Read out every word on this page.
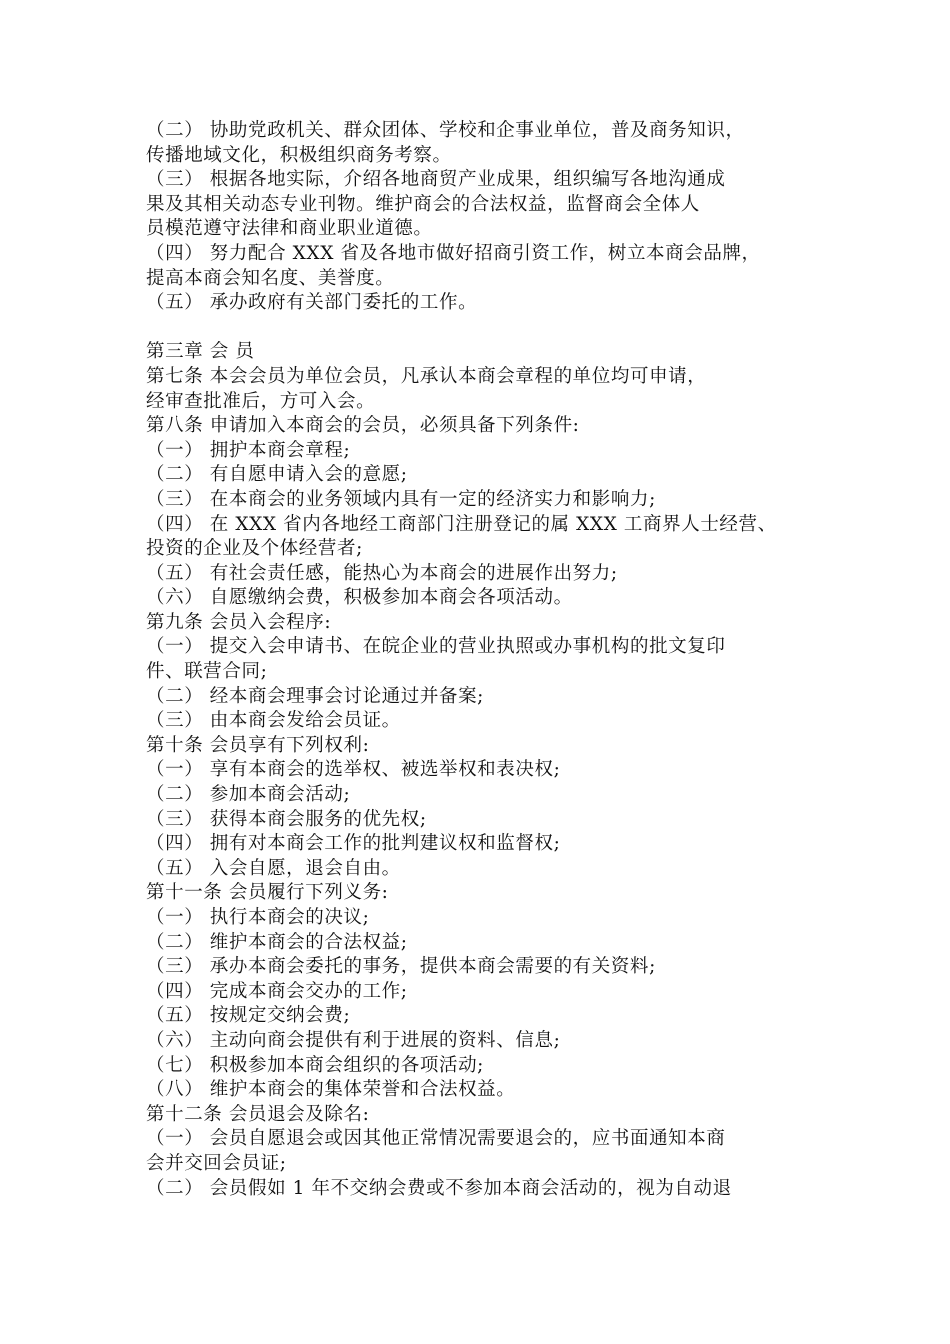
（二） 协助党政机关、群众团体、学校和企事业单位，普及商务知识，
传播地域文化，积极组织商务考察。
（三） 根据各地实际，介绍各地商贸产业成果，组织编写各地沟通成
果及其相关动态专业刊物。维护商会的合法权益，监督商会全体人
员模范遵守法律和商业职业道德。
（四） 努力配合 XXX 省及各地市做好招商引资工作，树立本商会品牌，
提高本商会知名度、美誉度。
（五） 承办政府有关部门委托的工作。
第三章 会 员
第七条 本会会员为单位会员，凡承认本商会章程的单位均可申请，
经审查批准后，方可入会。
第八条 申请加入本商会的会员，必须具备下列条件:
（一） 拥护本商会章程;
（二） 有自愿申请入会的意愿;
（三） 在本商会的业务领域内具有一定的经济实力和影响力;
（四） 在 XXX 省内各地经工商部门注册登记的属 XXX 工商界人士经营、
投资的企业及个体经营者;
（五） 有社会责任感，能热心为本商会的进展作出努力;
（六） 自愿缴纳会费，积极参加本商会各项活动。
第九条 会员入会程序:
（一） 提交入会申请书、在皖企业的营业执照或办事机构的批文复印
件、联营合同;
（二） 经本商会理事会讨论通过并备案;
（三） 由本商会发给会员证。
第十条 会员享有下列权利:
（一） 享有本商会的选举权、被选举权和表决权;
（二） 参加本商会活动;
（三） 获得本商会服务的优先权;
（四） 拥有对本商会工作的批判建议权和监督权;
（五） 入会自愿，退会自由。
第十一条 会员履行下列义务:
（一） 执行本商会的决议;
（二） 维护本商会的合法权益;
（三） 承办本商会委托的事务，提供本商会需要的有关资料;
（四） 完成本商会交办的工作;
（五） 按规定交纳会费;
（六） 主动向商会提供有利于进展的资料、信息;
（七） 积极参加本商会组织的各项活动;
（八） 维护本商会的集体荣誉和合法权益。
第十二条 会员退会及除名:
（一） 会员自愿退会或因其他正常情况需要退会的，应书面通知本商
会并交回会员证;
（二） 会员假如 1 年不交纳会费或不参加本商会活动的，视为自动退
